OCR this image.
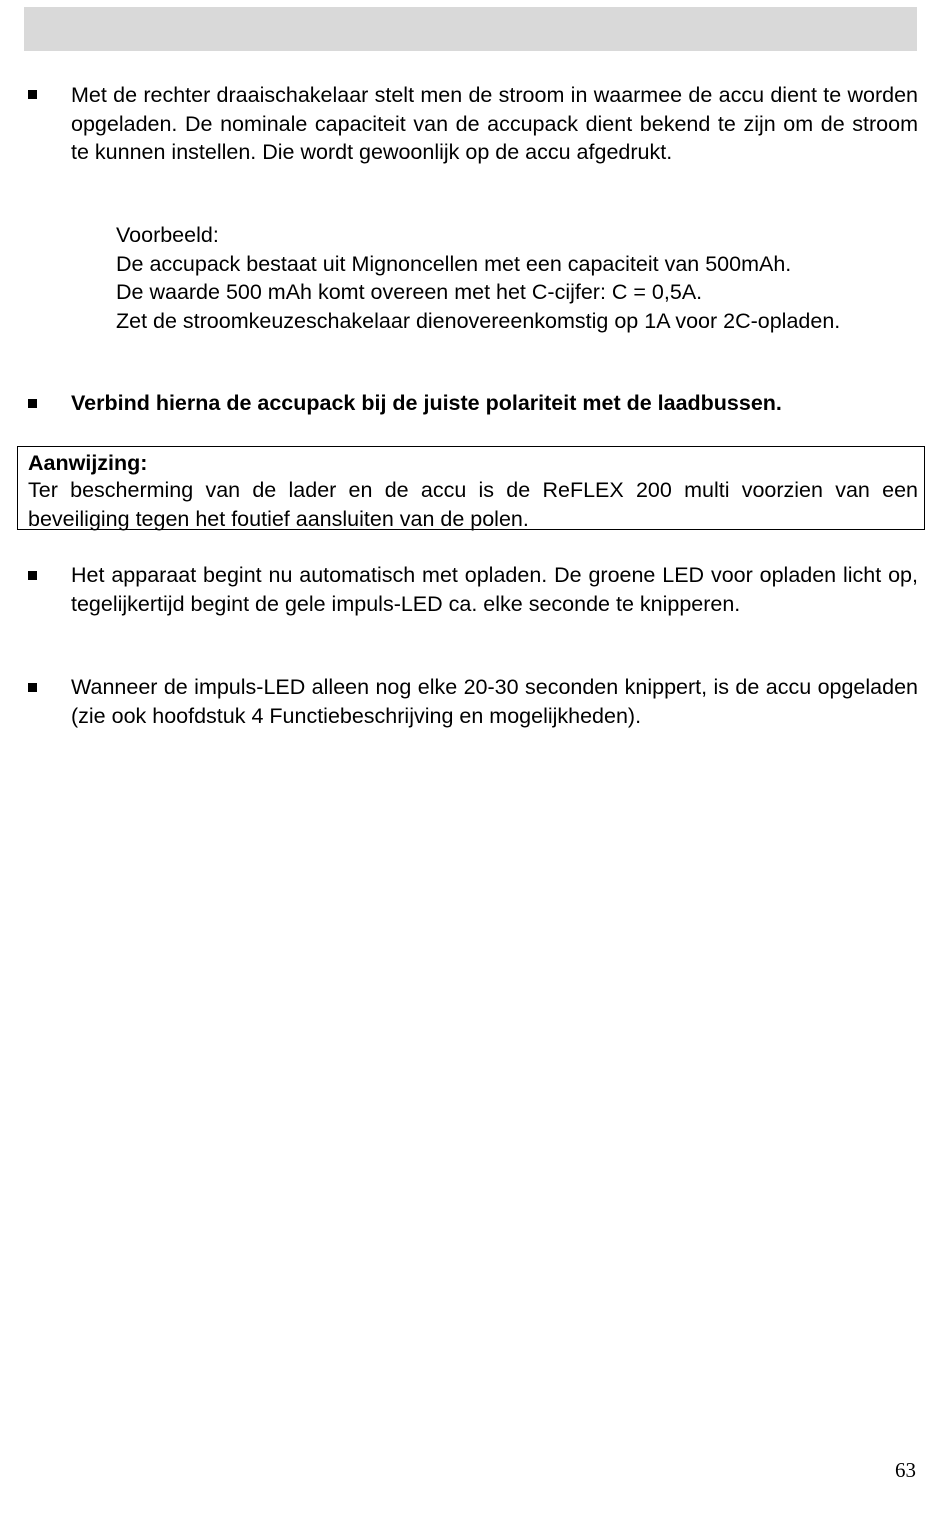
Met de rechter draaischakelaar stelt men de stroom in waarmee de accu dient te worden opgeladen. De nominale capaciteit van de accupack dient bekend te zijn om de stroom te kunnen instellen. Die wordt gewoonlijk op de accu afgedrukt.

Voorbeeld:

De accupack bestaat uit Mignoncellen met een capaciteit van 500mAh.

De waarde 500 mAh komt overeen met het C-cijfer: C = 0,5A.

Zet de stroomkeuzeschakelaar dienovereenkomstig op 1A voor 2C-opladen.

Verbind hierna de accupack bij de juiste polariteit met de laadbussen.

Aanwijzing:
Ter bescherming van de lader en de accu is de ReFLEX 200 multi voorzien van een beveiliging tegen het foutief aansluiten van de polen.

Het apparaat begint nu automatisch met opladen. De groene LED voor opladen licht op, tegelijkertijd begint de gele impuls-LED ca. elke seconde te knipperen.

Wanneer de impuls-LED alleen nog elke 20-30 seconden knippert, is de accu opgeladen (zie ook hoofdstuk 4 Functiebeschrijving en mogelijkheden).

63
